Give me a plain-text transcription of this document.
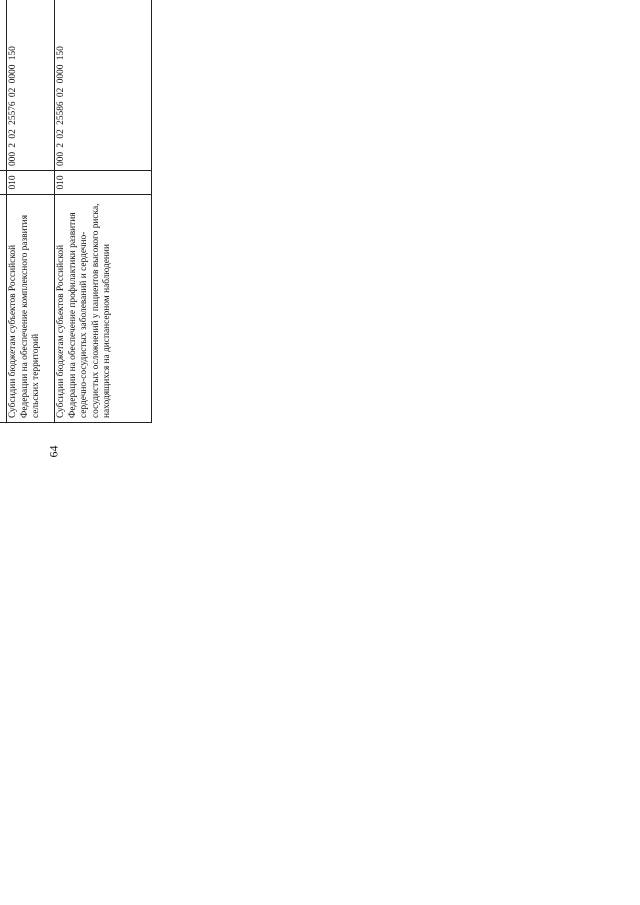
64

Субсидии бюджетам субъектов Российской Федерации на обеспечение комплексного развития сельских территорий	010	000 2 02 25576 02 0000 150			
Субсидии бюджетам субъектов Российской Федерации на обеспечение профилактики развития сердечно-сосудистых заболеваний и сердечно-сосудистых осложнений у пациентов высокого риска, находящихся на диспансерном наблюдении	010	000 2 02 25586 02 0000 150			
